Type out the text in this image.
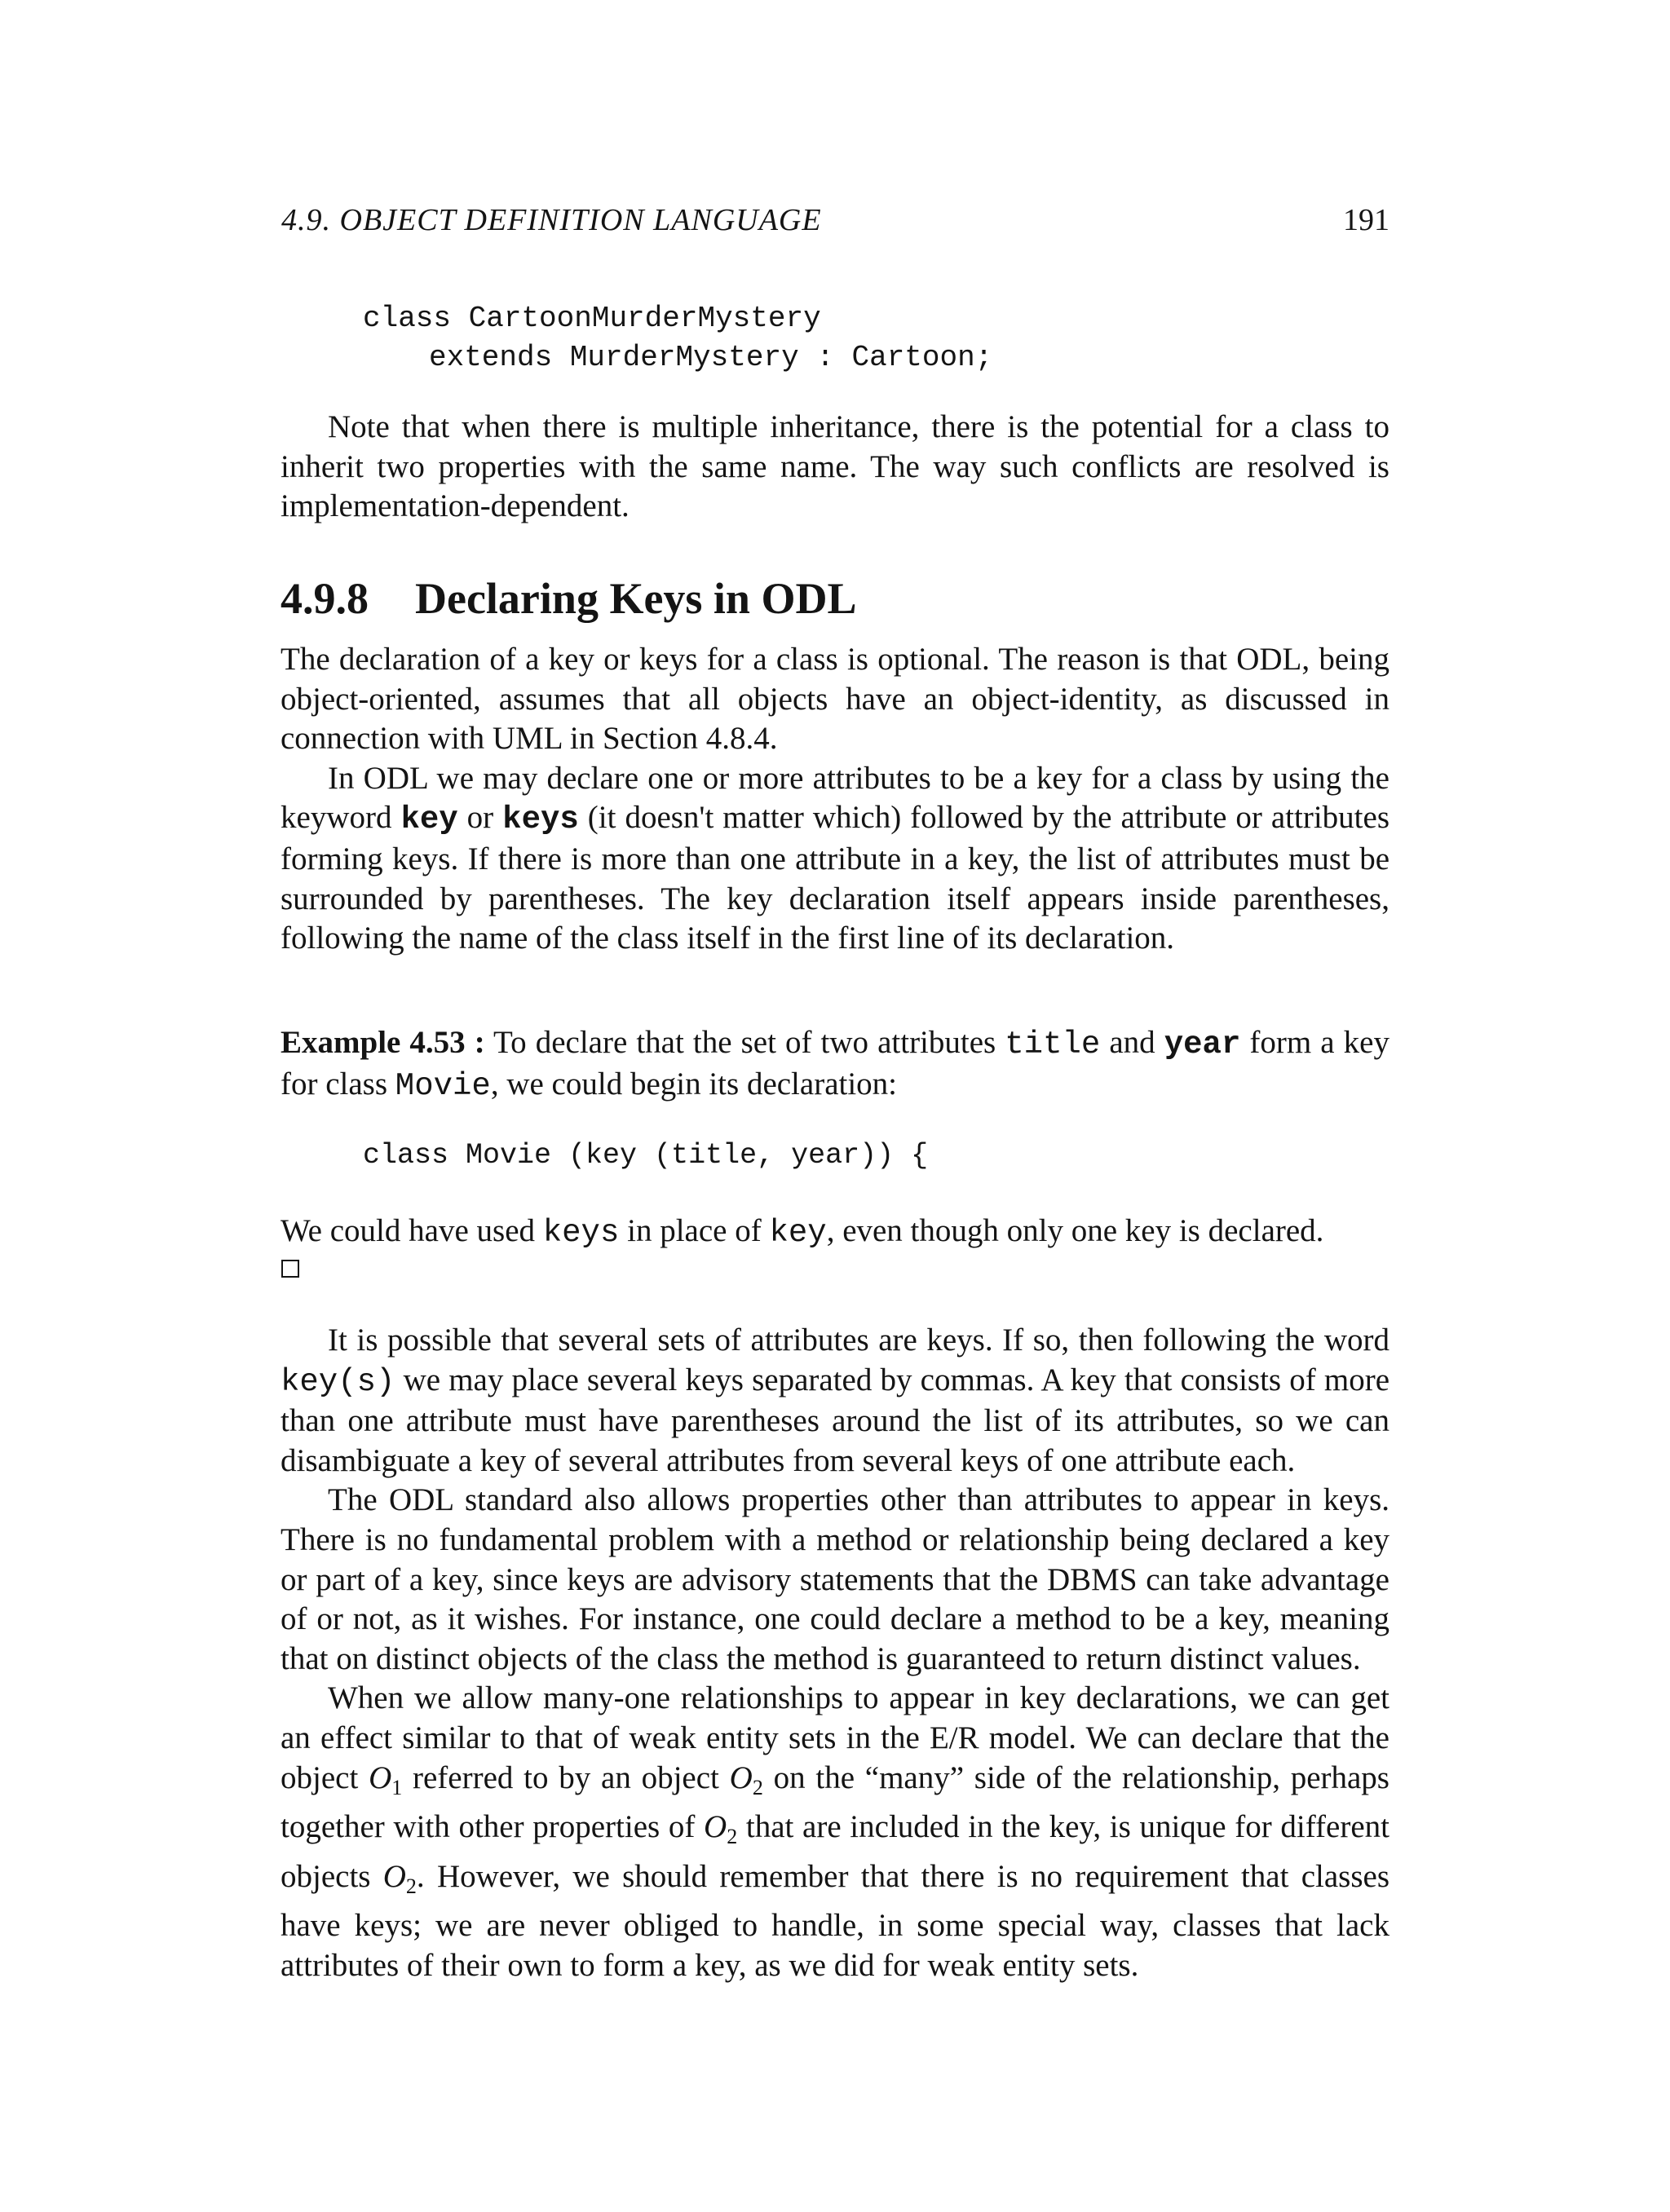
4.9. OBJECT DEFINITION LANGUAGE	191
class CartoonMurderMystery
extends MurderMystery : Cartoon;

Note that when there is multiple inheritance, there is the potential for a class to inherit two properties with the same name. The way such conflicts are resolved is implementation-dependent.

4.9.8 Declaring Keys in ODL

The declaration of a key or keys for a class is optional. The reason is that ODL, being object-oriented, assumes that all objects have an object-identity, as discussed in connection with UML in Section 4.8.4.

In ODL we may declare one or more attributes to be a key for a class by using the keyword key or keys (it doesn't matter which) followed by the attribute or attributes forming keys. If there is more than one attribute in a key, the list of attributes must be surrounded by parentheses. The key declaration itself appears inside parentheses, following the name of the class itself in the first line of its declaration.

Example 4.53 : To declare that the set of two attributes title and year form a key for class Movie, we could begin its declaration:

class Movie (key (title, year)) {

We could have used keys in place of key, even though only one key is declared.

It is possible that several sets of attributes are keys. If so, then following the word key(s) we may place several keys separated by commas. A key that consists of more than one attribute must have parentheses around the list of its attributes, so we can disambiguate a key of several attributes from several keys of one attribute each.

The ODL standard also allows properties other than attributes to appear in keys. There is no fundamental problem with a method or relationship being declared a key or part of a key, since keys are advisory statements that the DBMS can take advantage of or not, as it wishes. For instance, one could declare a method to be a key, meaning that on distinct objects of the class the method is guaranteed to return distinct values.

When we allow many-one relationships to appear in key declarations, we can get an effect similar to that of weak entity sets in the E/R model. We can declare that the object $O_1$ referred to by an object $O_2$ on the “many” side of the relationship, perhaps together with other properties of $O_2$ that are included in the key, is unique for different objects $O_2$. However, we should remember that there is no requirement that classes have keys; we are never obliged to handle, in some special way, classes that lack attributes of their own to form a key, as we did for weak entity sets.
